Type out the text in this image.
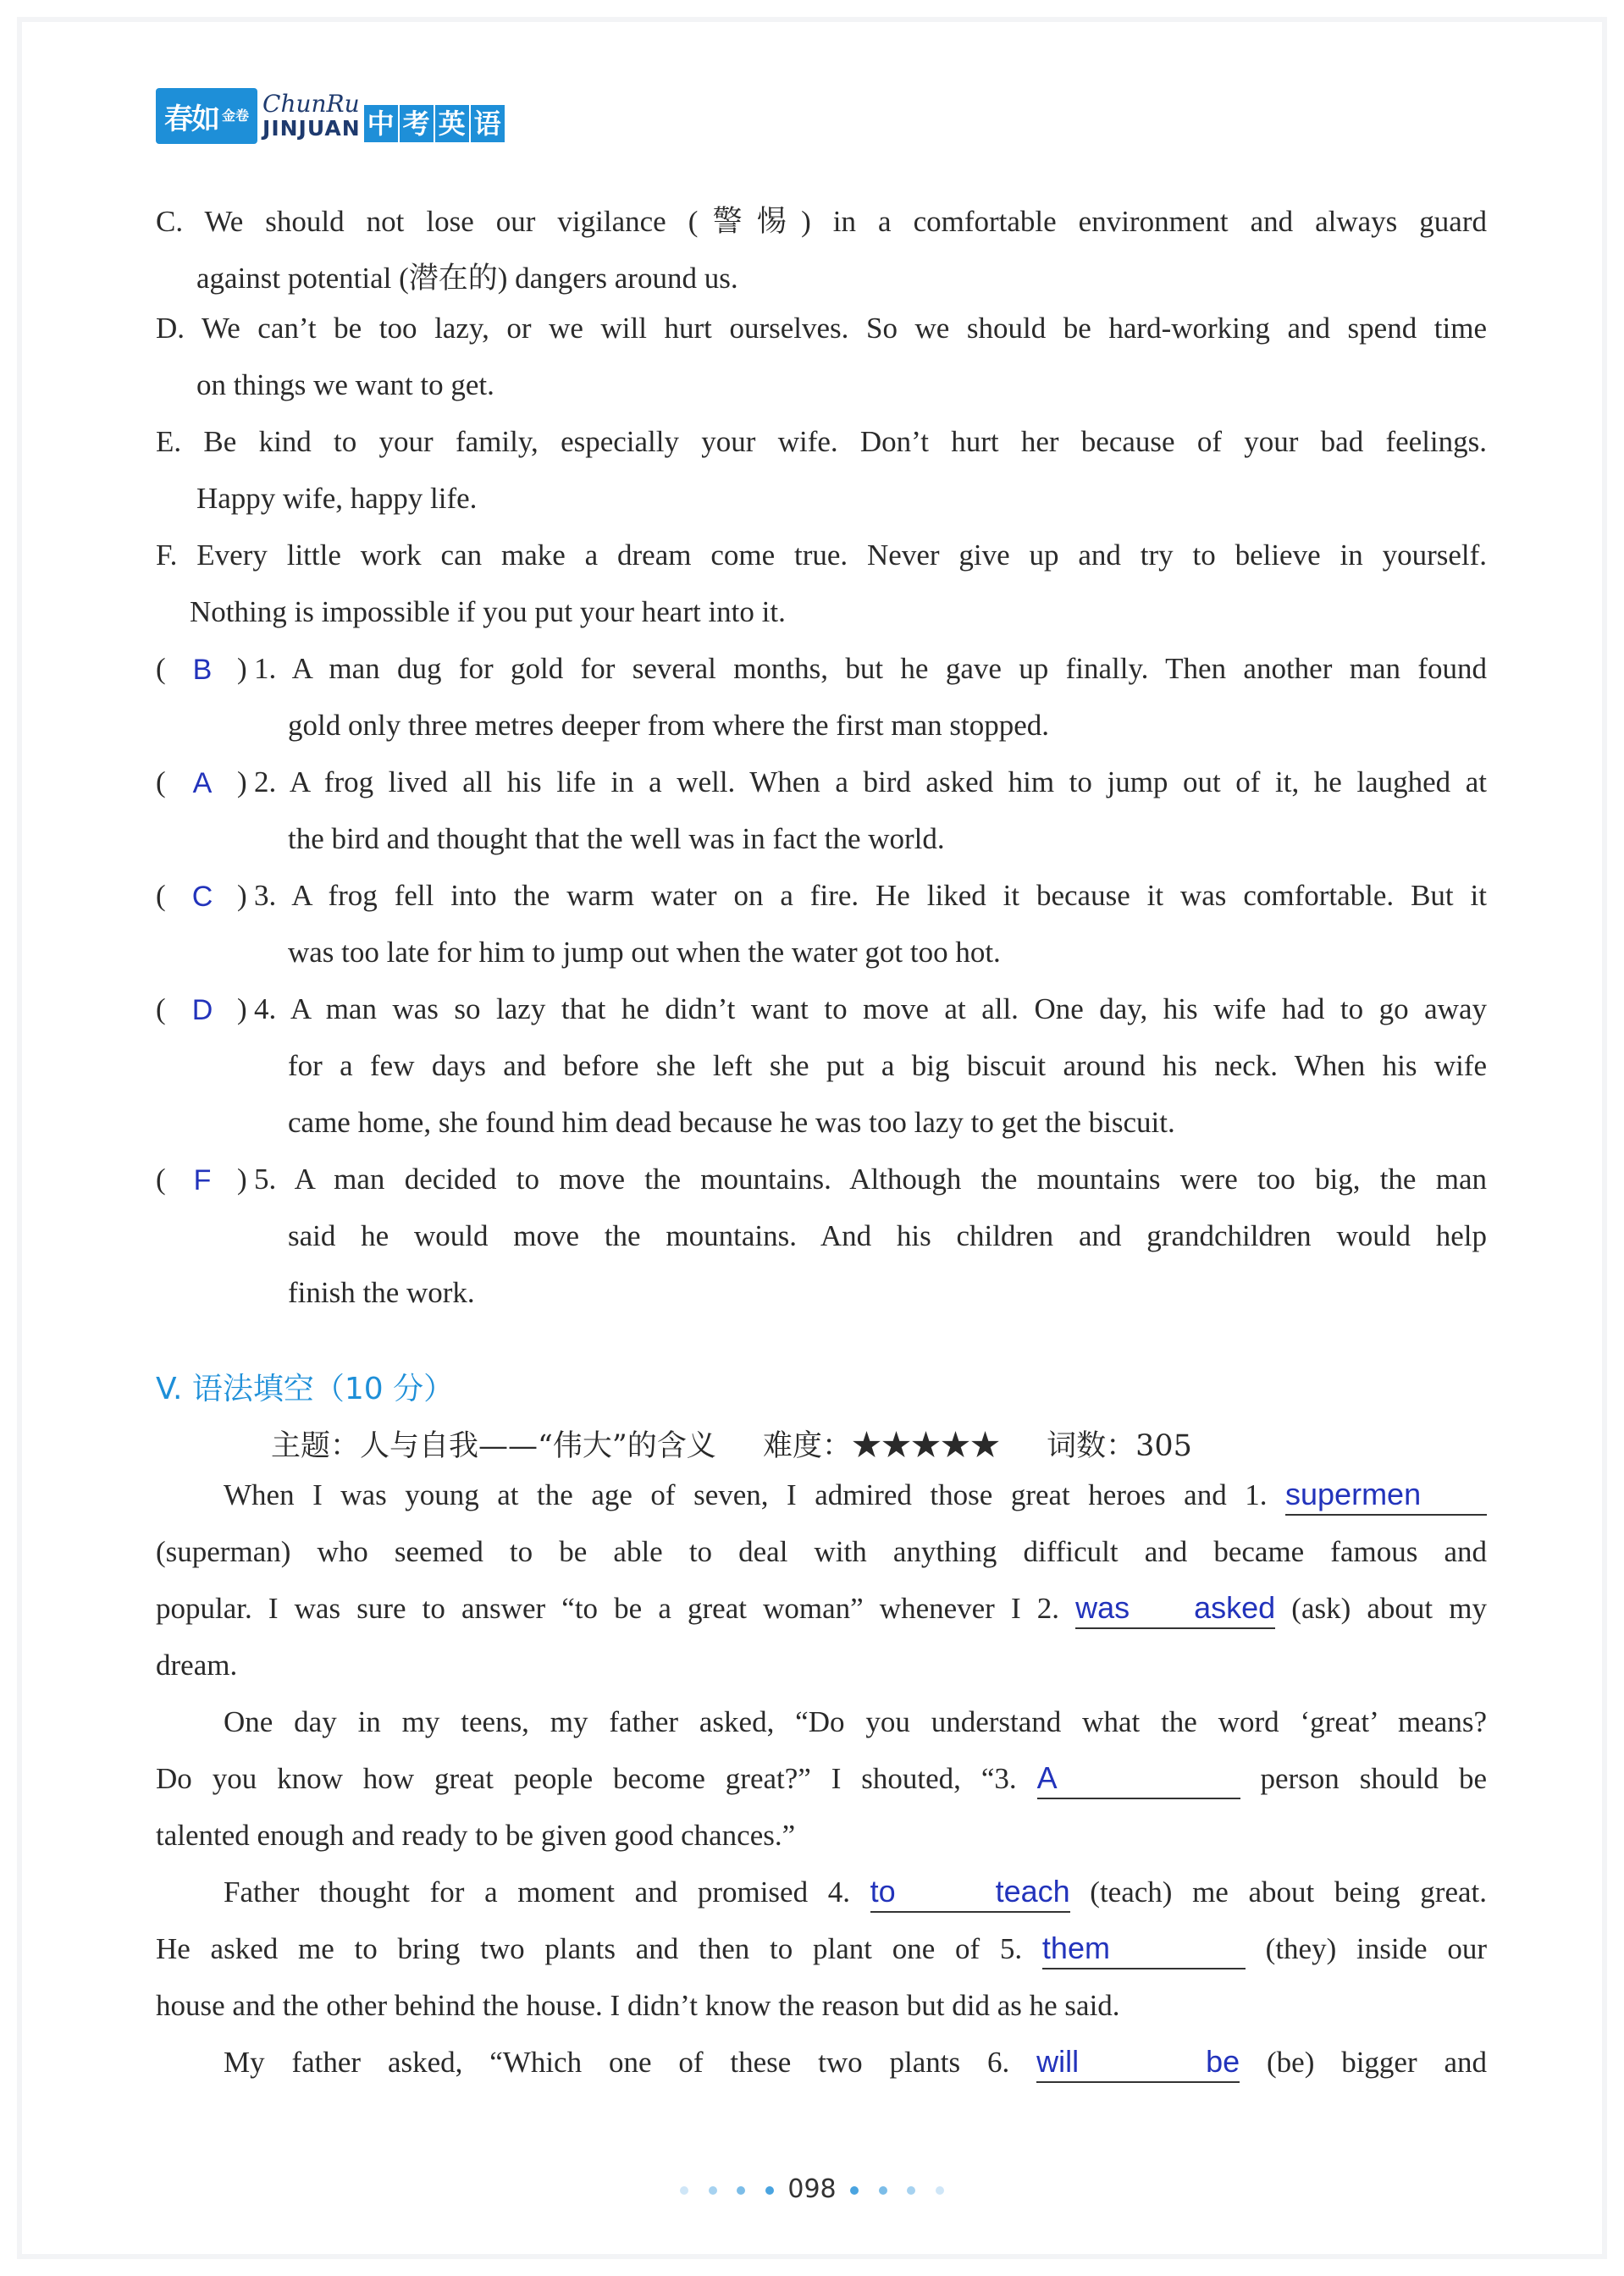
春如 金卷 ChunRu
JINJUAN 中 考 英 语
C. We should not lose our vigilance (警惕) in a comfortable environment and always guard
against potential (潜在的) dangers around us.
D. We can’t be too lazy, or we will hurt ourselves. So we should be hard-working and spend time
on things we want to get.
E. Be kind to your family, especially your wife. Don’t hurt her because of your bad feelings.
Happy wife, happy life.
F. Every little work can make a dream come true. Never give up and try to believe in yourself.
Nothing is impossible if you put your heart into it.
( B ) 1. A man dug for gold for several months, but he gave up finally. Then another man found
gold only three metres deeper from where the first man stopped.
( A ) 2. A frog lived all his life in a well. When a bird asked him to jump out of it, he laughed at
the bird and thought that the well was in fact the world.
( C ) 3. A frog fell into the warm water on a fire. He liked it because it was comfortable. But it
was too late for him to jump out when the water got too hot.
( D ) 4. A man was so lazy that he didn’t want to move at all. One day, his wife had to go away
for a few days and before she left she put a big biscuit around his neck. When his wife
came home, she found him dead because he was too lazy to get the biscuit.
( F ) 5. A man decided to move the mountains. Although the mountains were too big, the man
said he would move the mountains. And his children and grandchildren would help
finish the work.
V. 语法填空（10 分）
主题：人与自我——“伟大”的含义 难度：★★★★★ 词数：305
When I was young at the age of seven, I admired those great heroes and 1. supermen
(superman) who seemed to be able to deal with anything difficult and became famous and
popular. I was sure to answer “to be a great woman” whenever I 2. was asked (ask) about my
dream.
One day in my teens, my father asked, “Do you understand what the word ‘great’ means?
Do you know how great people become great?” I shouted, “3. A	person should be
talented enough and ready to be given good chances.”
Father thought for a moment and promised 4. to teach (teach) me about being great.
He asked me to bring two plants and then to plant one of 5. them	(they) inside our
house and the other behind the house. I didn’t know the reason but did as he said.
My father asked, “Which one of these two plants 6. will be (be) bigger and
098
